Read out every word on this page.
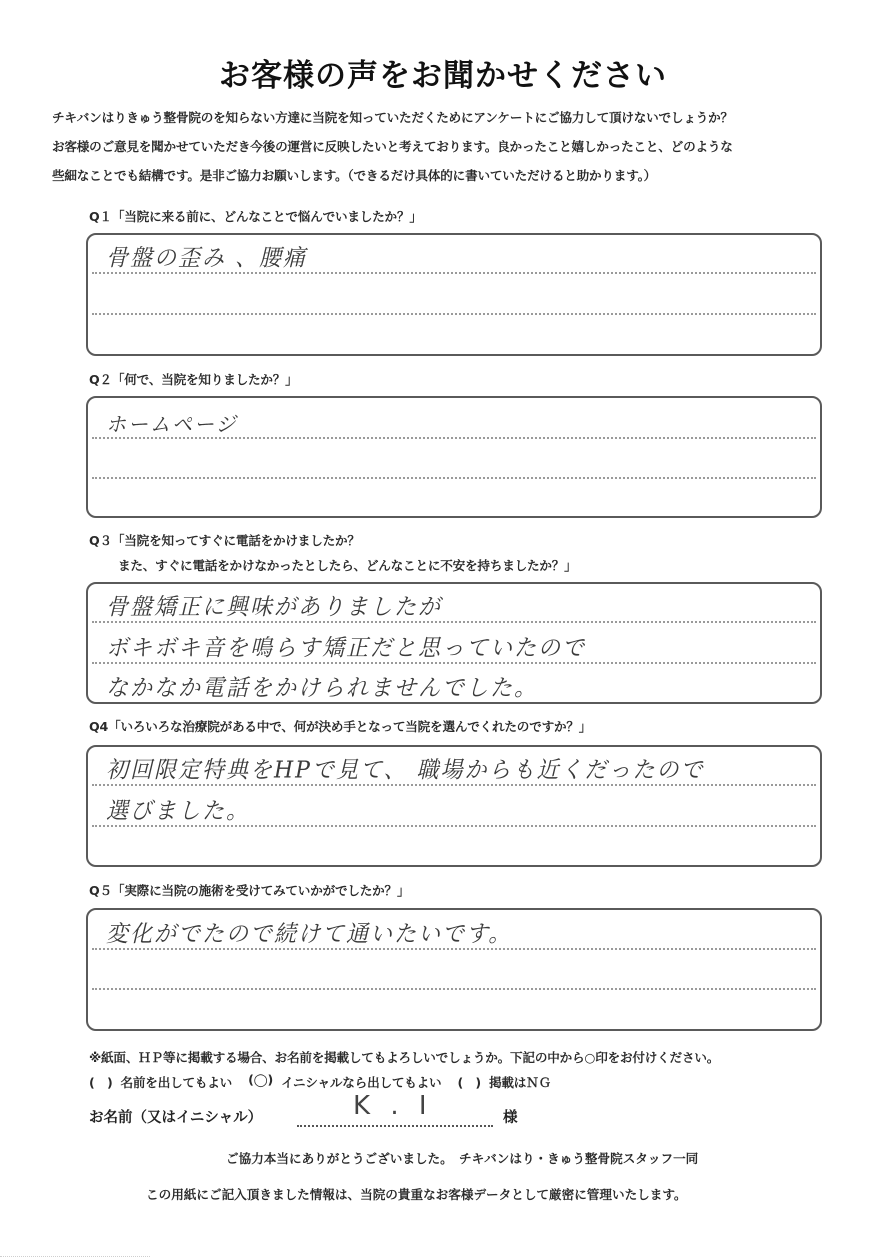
お客様の声をお聞かせください
チキバンはりきゅう整骨院のを知らない方達に当院を知っていただくためにアンケートにご協力して頂けないでしょうか？
お客様のご意見を聞かせていただき今後の運営に反映したいと考えております。良かったこと嬉しかったこと、どのような
些細なことでも結構です。是非ご協力お願いします。（できるだけ具体的に書いていただけると助かります。）
Q１「当院に来る前に、どんなことで悩んでいましたか？」
骨盤の歪み 、腰痛
Q２「何で、当院を知りましたか？」
ホームページ
Q３「当院を知ってすぐに電話をかけましたか？
また、すぐに電話をかけなかったとしたら、どんなことに不安を持ちましたか？」
骨盤矯正に興味がありましたが
ボキボキ音を鳴らす矯正だと思っていたので
なかなか電話をかけられませんでした。
Q4「いろいろな治療院がある中で、何が決め手となって当院を選んでくれたのですか？」
初回限定特典をHPで見て、 職場からも近くだったので
選びました。
Q５「実際に当院の施術を受けてみていかがでしたか？」
変化がでたので続けて通いたいです。
※紙面、ＨＰ等に掲載する場合、お名前を掲載してもよろしいでしょうか。下記の中から○印をお付けください。
(　) 名前を出してもよい (◯) イニシャルなら出してもよい (　) 掲載はＮＧ
お名前（又はイニシャル）	K . I	様
ご協力本当にありがとうございました。　チキバンはり・きゅう整骨院スタッフ一同
この用紙にご記入頂きました情報は、当院の貴重なお客様データとして厳密に管理いたします。
